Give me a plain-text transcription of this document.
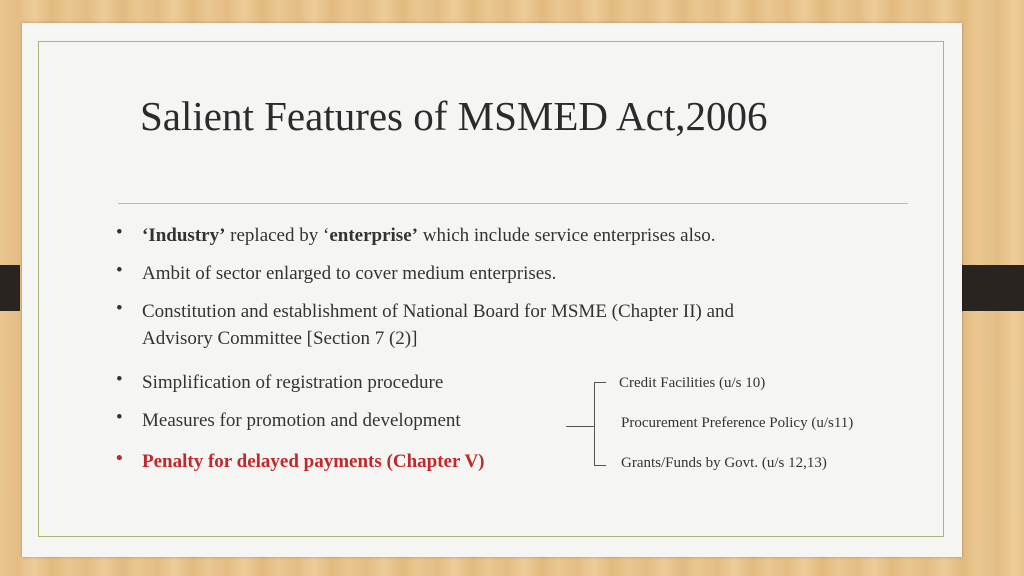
Salient Features of MSMED Act,2006
•	‘Industry’ replaced by ‘enterprise’ which include service enterprises also.
•	Ambit of sector enlarged to cover medium enterprises.
•	Constitution and establishment of National Board for MSME (Chapter II) and
Advisory Committee [Section 7 (2)]
•	Simplification of registration procedure
•	Measures for promotion and development
•	Penalty for delayed payments (Chapter V)
Credit Facilities (u/s 10)
Procurement Preference Policy (u/s11)
Grants/Funds by Govt. (u/s 12,13)
